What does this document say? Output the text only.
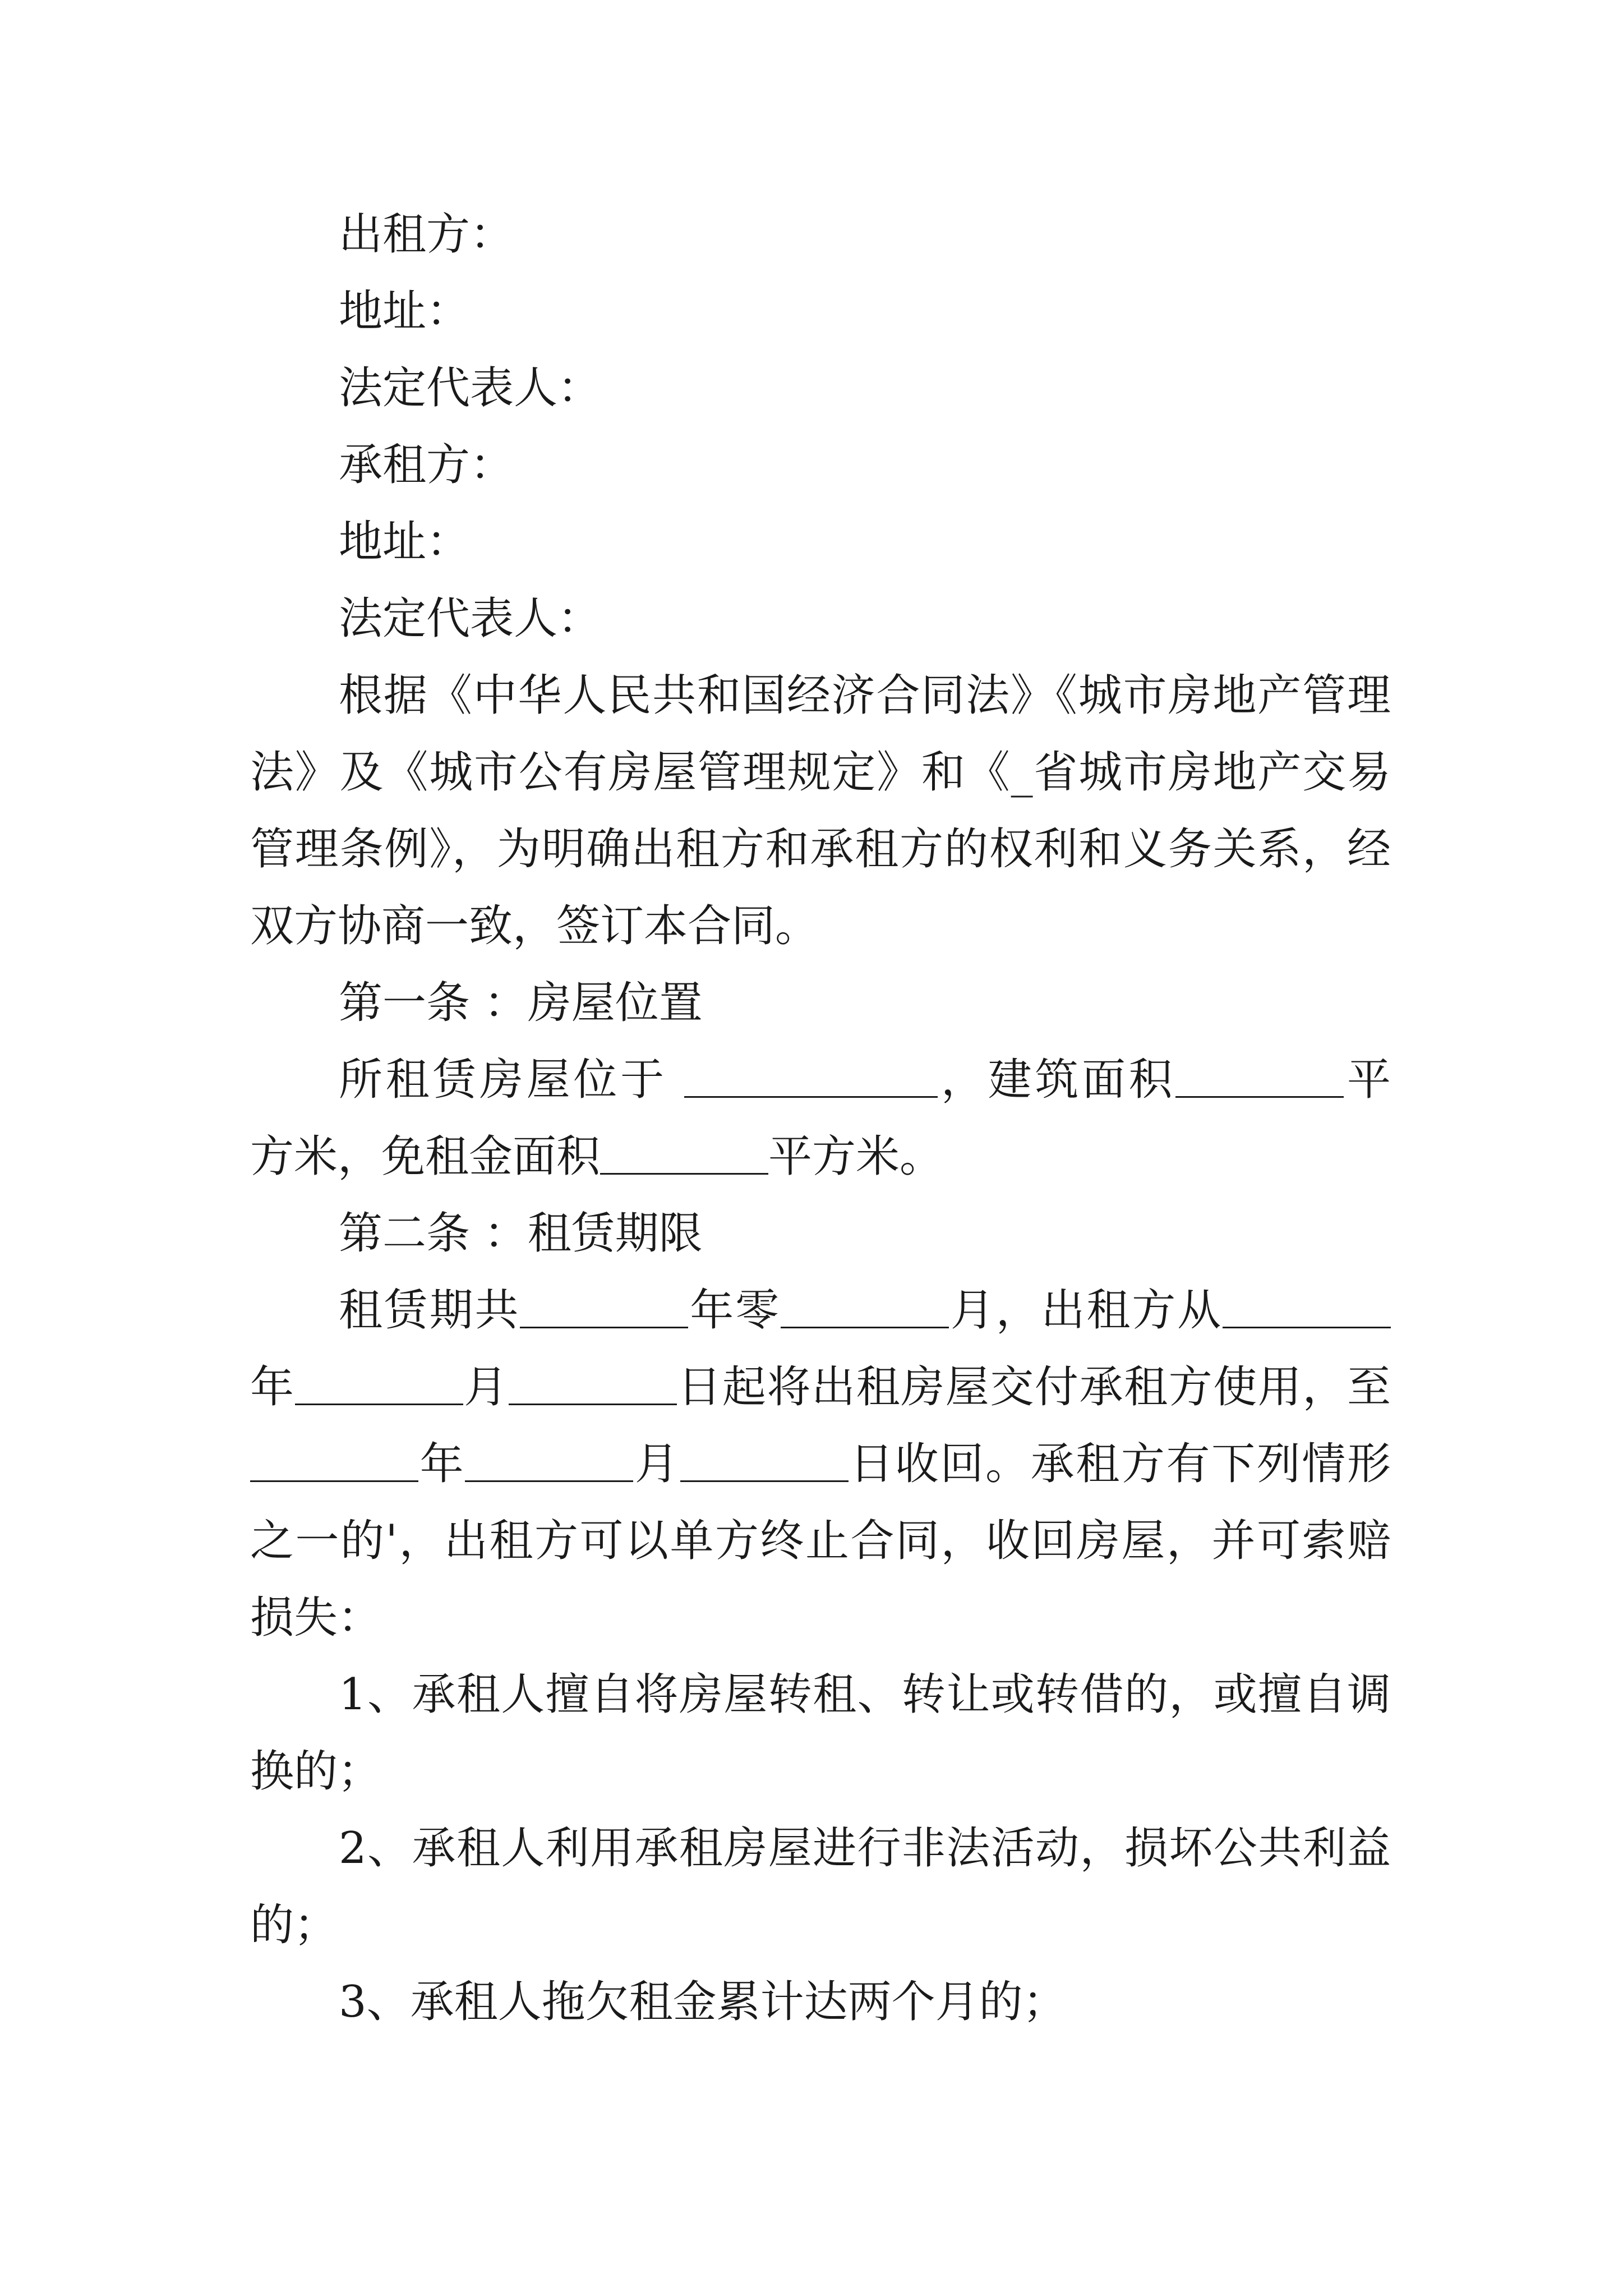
出租方：

地址：

法定代表人：

承租方：

地址：

法定代表人：

根据《中华人民共和国经济合同法》《城市房地产管理

法》及《城市公有房屋管理规定》和《_省城市房地产交易

管理条例》，为明确出租方和承租方的权利和义务关系，经

双方协商一致，签订本合同。

第一条 ：房屋位置

所租赁房屋位于	，建筑面积	平

方米，免租金面积	平方米。

第二条 ：租赁期限

租赁期共	年零	月，出租方从

年	月	日起将出租房屋交付承租方使用，至

年	月	日收回。承租方有下列情形

之一的'，出租方可以单方终止合同，收回房屋，并可索赔

损失：

1、承租人擅自将房屋转租、转让或转借的，或擅自调

换的；

2、承租人利用承租房屋进行非法活动，损坏公共利益

的；

3、承租人拖欠租金累计达两个月的；
